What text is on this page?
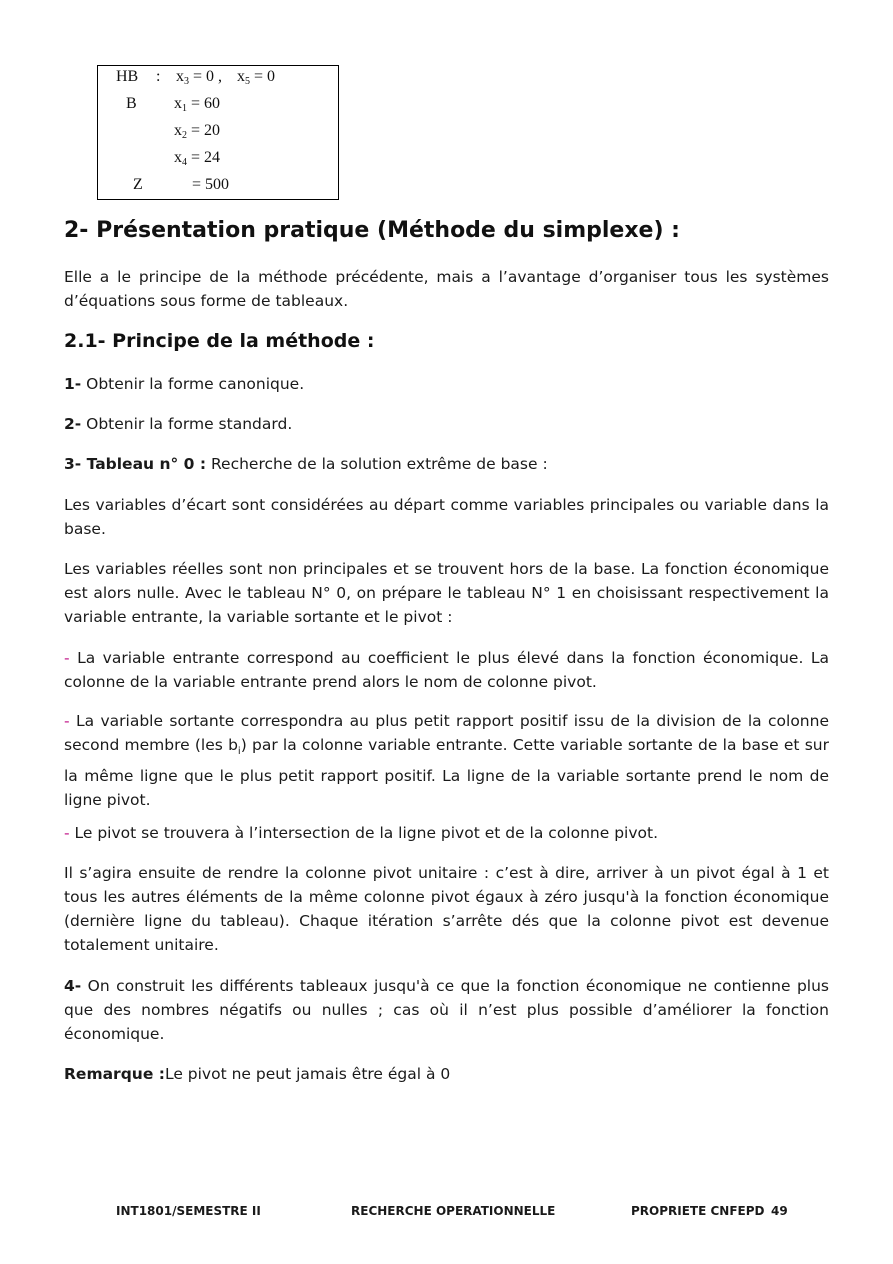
HB : $x_3 = 0$ , $x_5 = 0$
B $x_1 = 60$
$x_2 = 20$
$x_4 = 24$
Z	= 500
2- Présentation pratique (Méthode du simplexe) :

Elle a le principe de la méthode précédente, mais a l’avantage d’organiser tous les systèmes d’équations sous forme de tableaux.

2.1- Principe de la méthode :

1- Obtenir la forme canonique.

2- Obtenir la forme standard.

3- Tableau n° 0 : Recherche de la solution extrême de base :

Les variables d’écart sont considérées au départ comme variables principales ou variable dans la base.

Les variables réelles sont non principales et se trouvent hors de la base. La fonction économique est alors nulle. Avec le tableau N° 0, on prépare le tableau N° 1 en choisissant respectivement la variable entrante, la variable sortante et le pivot :

- La variable entrante correspond au coefficient le plus élevé dans la fonction économique. La colonne de la variable entrante prend alors le nom de colonne pivot.

- La variable sortante correspondra au plus petit rapport positif issu de la division de la colonne second membre (les $b_i$) par la colonne variable entrante. Cette variable sortante de la base et sur la même ligne que le plus petit rapport positif. La ligne de la variable sortante prend le nom de ligne pivot.

- Le pivot se trouvera à l’intersection de la ligne pivot et de la colonne pivot.

Il s’agira ensuite de rendre la colonne pivot unitaire : c’est à dire, arriver à un pivot égal à 1 et tous les autres éléments de la même colonne pivot égaux à zéro jusqu'à la fonction économique (dernière ligne du tableau). Chaque itération s’arrête dés que la colonne pivot est devenue totalement unitaire.

4- On construit les différents tableaux jusqu'à ce que la fonction économique ne contienne plus que des nombres négatifs ou nulles ; cas où il n’est plus possible d’améliorer la fonction économique.

Remarque :Le pivot ne peut jamais être égal à 0

INT1801/SEMESTRE II	RECHERCHE OPERATIONNELLE	PROPRIETE CNFEPD 49
